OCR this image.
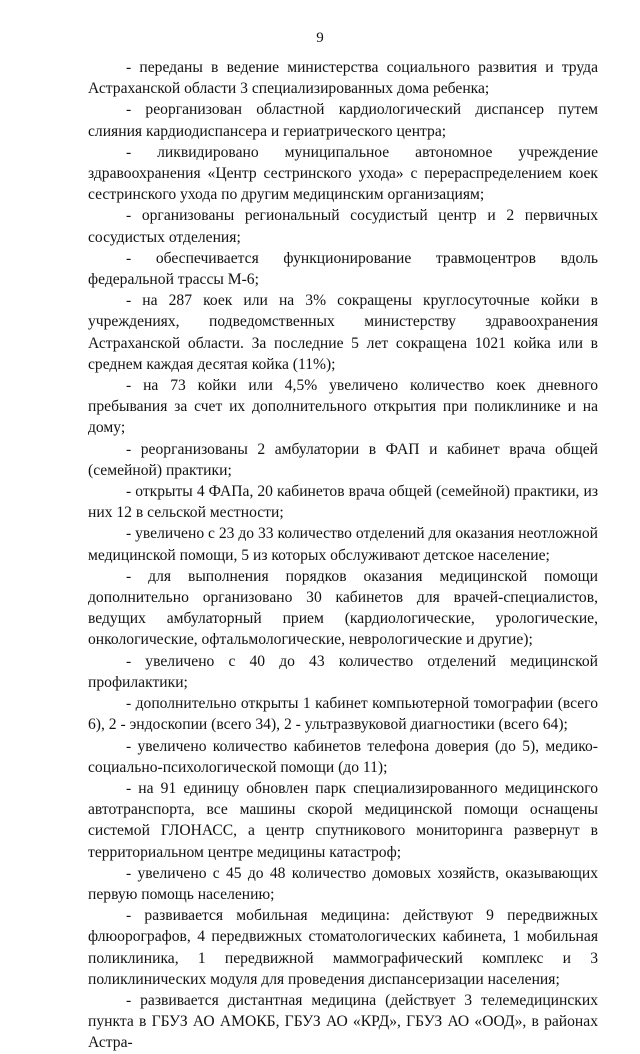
9

- переданы в ведение министерства социального развития и труда Астраханской области 3 специализированных дома ребенка;

- реорганизован областной кардиологический диспансер путем слияния кардиодиспансера и гериатрического центра;

- ликвидировано муниципальное автономное учреждение здравоохранения «Центр сестринского ухода» с перераспределением коек сестринского ухода по другим медицинским организациям;

- организованы региональный сосудистый центр и 2 первичных сосудистых отделения;

- обеспечивается функционирование травмоцентров вдоль федеральной трассы М-6;

- на 287 коек или на 3% сокращены круглосуточные койки в учреждениях, подведомственных министерству здравоохранения Астраханской области. За последние 5 лет сокращена 1021 койка или в среднем каждая десятая койка (11%);

- на 73 койки или 4,5% увеличено количество коек дневного пребывания за счет их дополнительного открытия при поликлинике и на дому;

- реорганизованы 2 амбулатории в ФАП и кабинет врача общей (семейной) практики;

- открыты 4 ФАПа, 20 кабинетов врача общей (семейной) практики, из них 12 в сельской местности;

- увеличено с 23 до 33 количество отделений для оказания неотложной медицинской помощи, 5 из которых обслуживают детское население;

- для выполнения порядков оказания медицинской помощи дополнительно организовано 30 кабинетов для врачей-специалистов, ведущих амбулаторный прием (кардиологические, урологические, онкологические, офтальмологические, неврологические и другие);

- увеличено с 40 до 43 количество отделений медицинской профилактики;

- дополнительно открыты 1 кабинет компьютерной томографии (всего 6), 2 - эндоскопии (всего 34), 2 - ультразвуковой диагностики (всего 64);

- увеличено количество кабинетов телефона доверия (до 5), медико-социально-психологической помощи (до 11);

- на 91 единицу обновлен парк специализированного медицинского автотранспорта, все машины скорой медицинской помощи оснащены системой ГЛОНАСС, а центр спутникового мониторинга развернут в территориальном центре медицины катастроф;

- увеличено с 45 до 48 количество домовых хозяйств, оказывающих первую помощь населению;

- развивается мобильная медицина: действуют 9 передвижных флюорографов, 4 передвижных стоматологических кабинета, 1 мобильная поликлиника, 1 передвижной маммографический комплекс и 3 поликлинических модуля для проведения диспансеризации населения;

- развивается дистантная медицина (действует 3 телемедицинских пункта в ГБУЗ АО АМОКБ, ГБУЗ АО «КРД», ГБУЗ АО «ООД», в районах Астра-
